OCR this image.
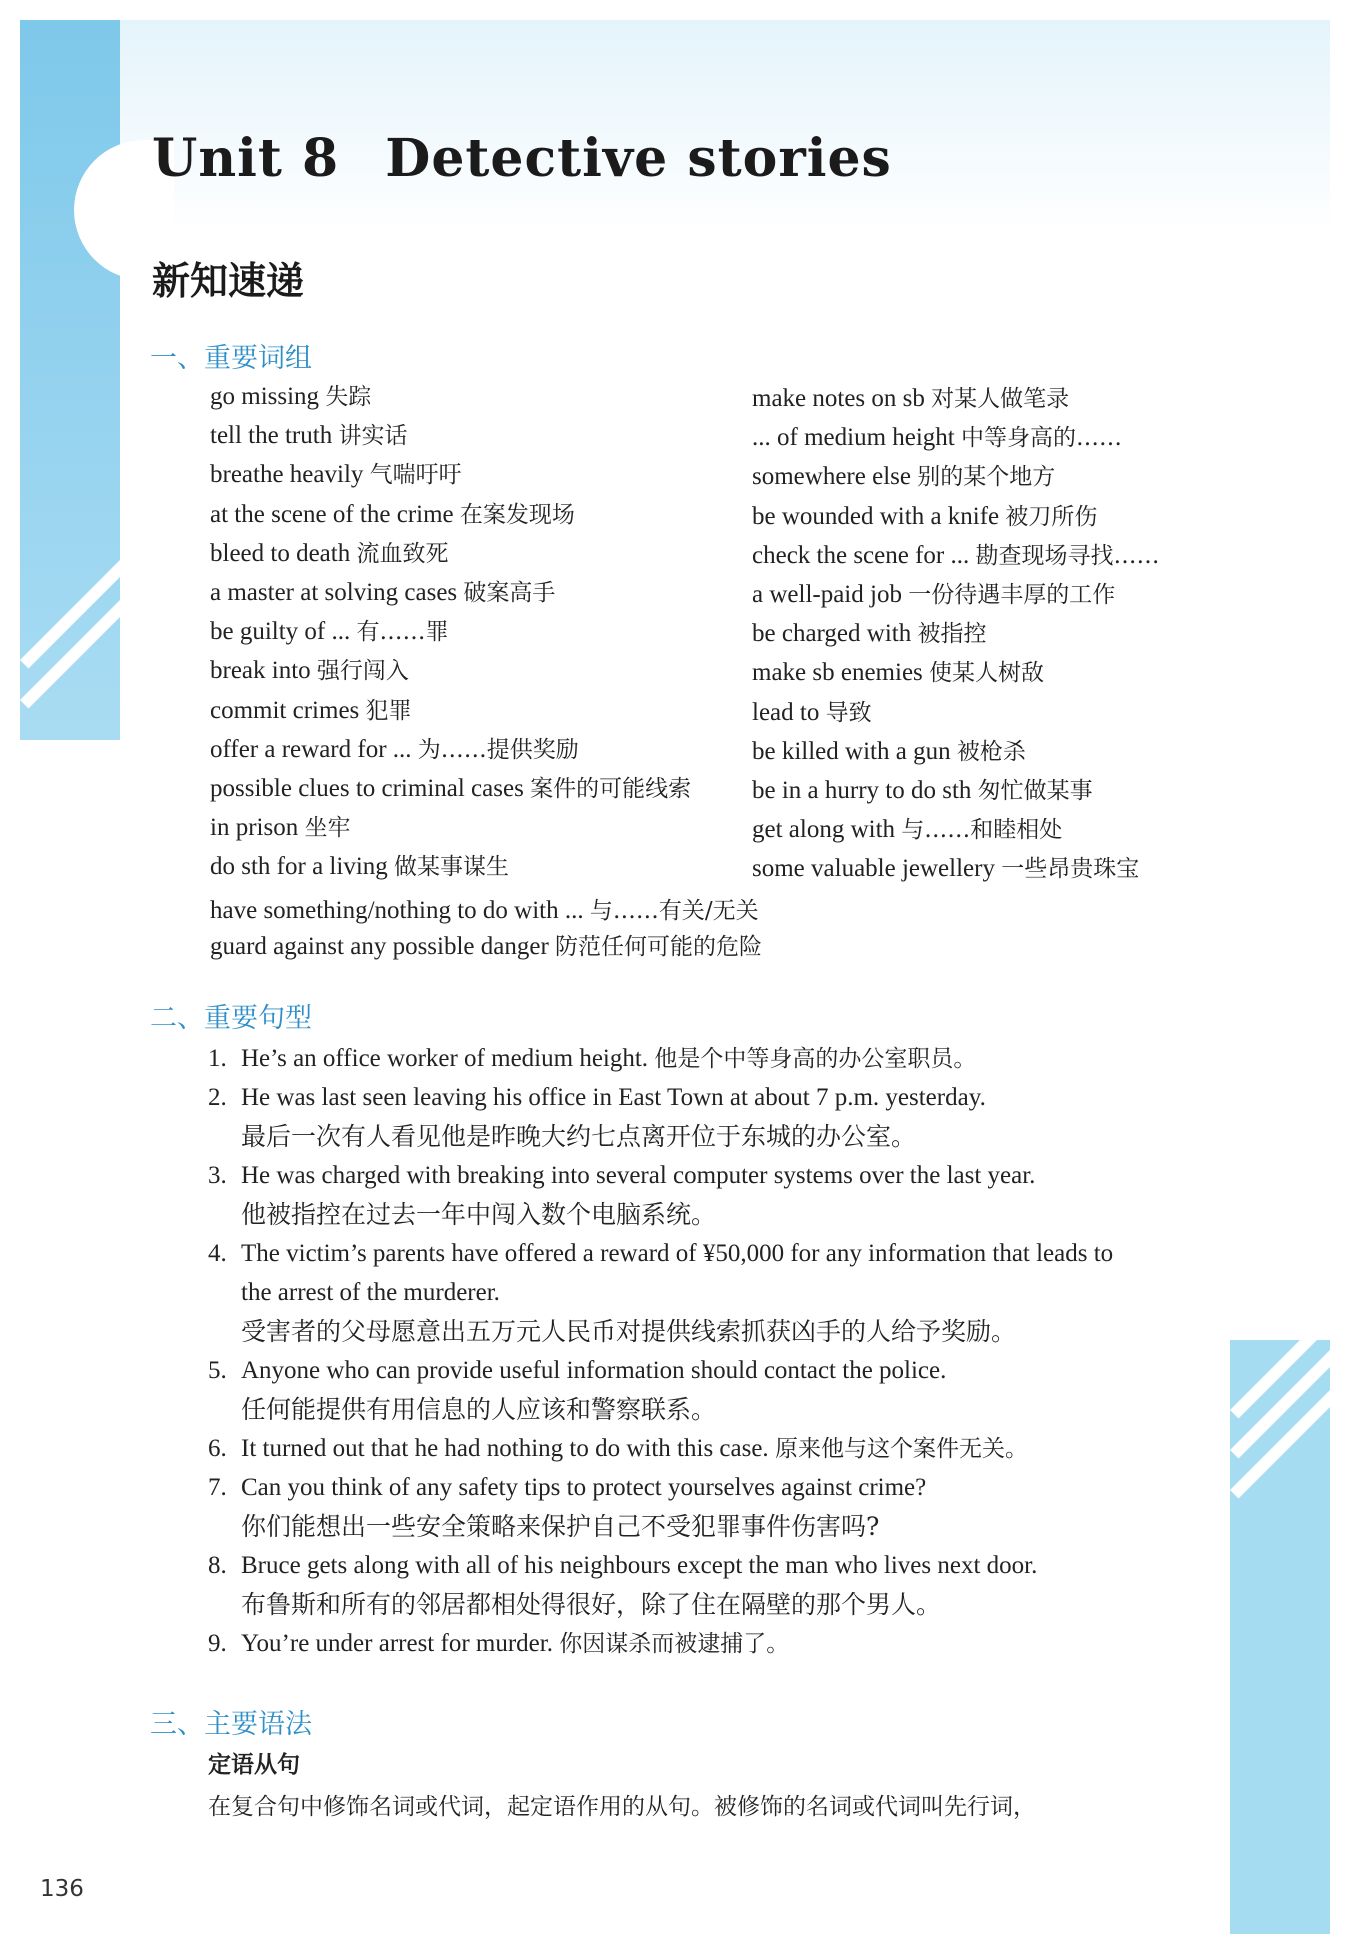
Unit 8 Detective stories
新知速递
一、重要词组
go missing 失踪
tell the truth 讲实话
breathe heavily 气喘吁吁
at the scene of the crime 在案发现场
bleed to death 流血致死
a master at solving cases 破案高手
be guilty of ... 有……罪
break into 强行闯入
commit crimes 犯罪
offer a reward for ... 为……提供奖励
possible clues to criminal cases 案件的可能线索
in prison 坐牢
do sth for a living 做某事谋生
make notes on sb 对某人做笔录
... of medium height 中等身高的……
somewhere else 别的某个地方
be wounded with a knife 被刀所伤
check the scene for ... 勘查现场寻找……
a well-paid job 一份待遇丰厚的工作
be charged with 被指控
make sb enemies 使某人树敌
lead to 导致
be killed with a gun 被枪杀
be in a hurry to do sth 匆忙做某事
get along with 与……和睦相处
some valuable jewellery 一些昂贵珠宝
have something/nothing to do with ... 与……有关/无关
guard against any possible danger 防范任何可能的危险
二、重要句型
1. He’s an office worker of medium height. 他是个中等身高的办公室职员。
2. He was last seen leaving his office in East Town at about 7 p.m. yesterday.
最后一次有人看见他是昨晚大约七点离开位于东城的办公室。
3. He was charged with breaking into several computer systems over the last year.
他被指控在过去一年中闯入数个电脑系统。
4. The victim’s parents have offered a reward of ¥50,000 for any information that leads to
the arrest of the murderer.
受害者的父母愿意出五万元人民币对提供线索抓获凶手的人给予奖励。
5. Anyone who can provide useful information should contact the police.
任何能提供有用信息的人应该和警察联系。
6. It turned out that he had nothing to do with this case. 原来他与这个案件无关。
7. Can you think of any safety tips to protect yourselves against crime?
你们能想出一些安全策略来保护自己不受犯罪事件伤害吗?
8. Bruce gets along with all of his neighbours except the man who lives next door.
布鲁斯和所有的邻居都相处得很好，除了住在隔壁的那个男人。
9. You’re under arrest for murder. 你因谋杀而被逮捕了。
三、主要语法
定语从句
在复合句中修饰名词或代词，起定语作用的从句。被修饰的名词或代词叫先行词，
136
